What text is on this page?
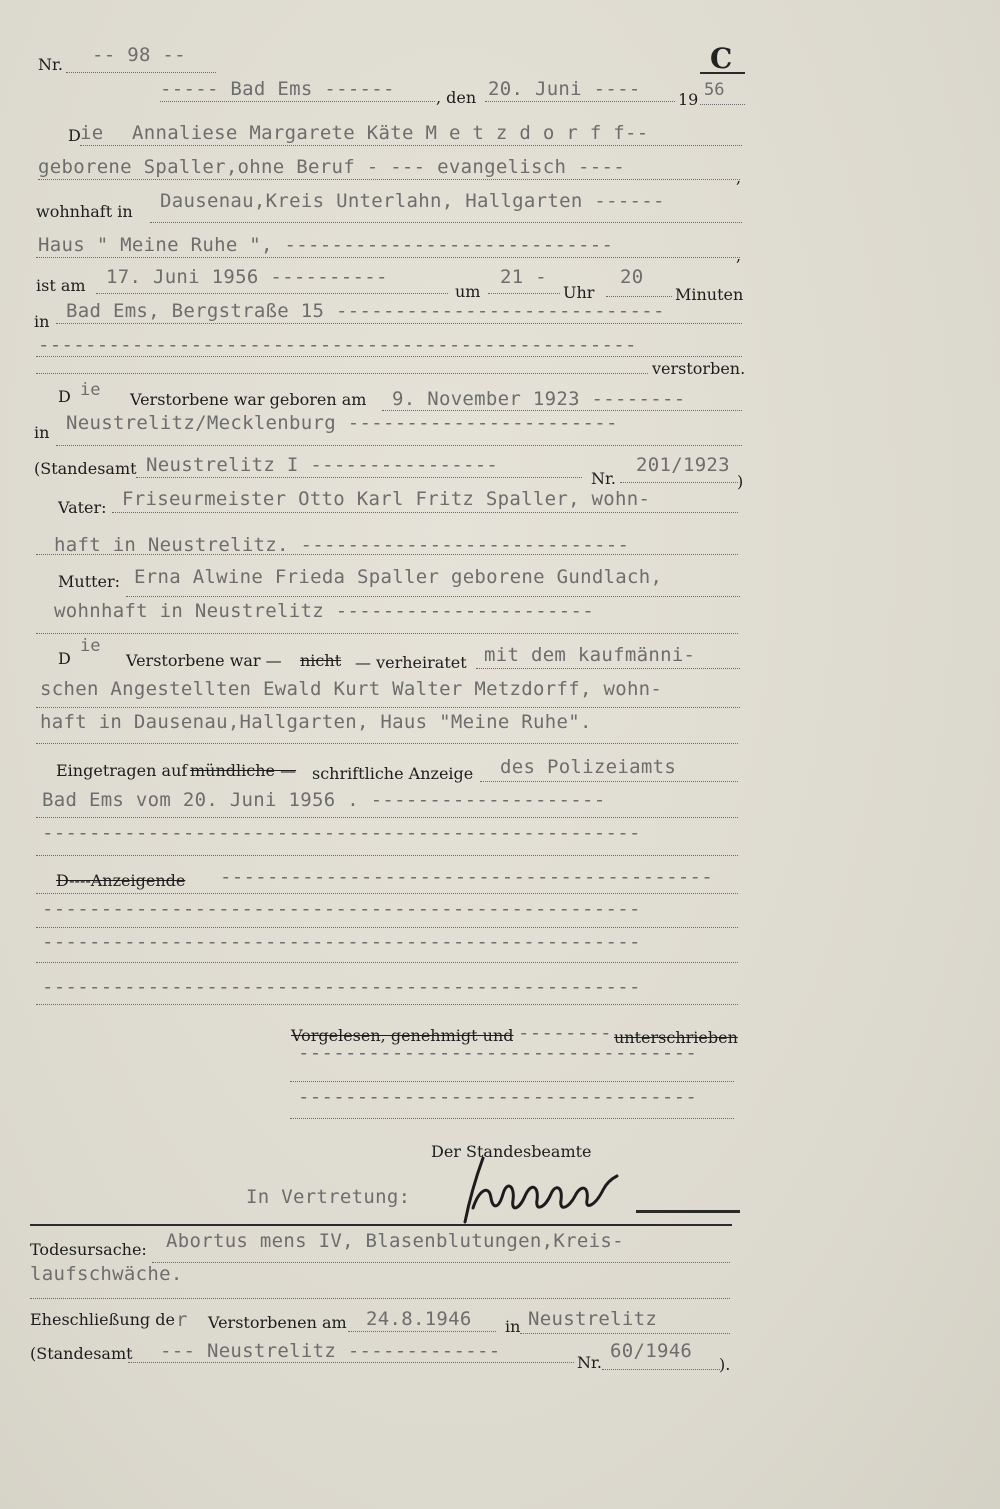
Nr. -- 98 --	C
----- Bad Ems ------	, den 20. Juni ---- 19 56
D ie Annaliese Margarete Käte M e t z d o r f f--
geborene Spaller,ohne Beruf - --- evangelisch ----	,
wohnhaft in Dausenau,Kreis Unterlahn, Hallgarten ------
Haus " Meine Ruhe ", ----------------------------	,
ist am 17. Juni 1956 ----------
um
21 -
Uhr
20
Minuten
in Bad Ems, Bergstraße 15 ----------------------------
---------------------------------------------------
verstorben.
D ie Verstorbene war geboren am 9. November 1923 --------
in Neustrelitz/Mecklenburg -----------------------
(Standesamt Neustrelitz I ----------------
Nr.
201/1923
)
Vater: Friseurmeister Otto Karl Fritz Spaller, wohn-
haft in Neustrelitz. ----------------------------
Mutter: Erna Alwine Frieda Spaller geborene Gundlach,
wohnhaft in Neustrelitz ----------------------
D
ie
Verstorbene war — nicht — verheiratet mit dem kaufmänni-
schen Angestellten Ewald Kurt Walter Metzdorff, wohn-
haft in Dausenau,Hallgarten, Haus "Meine Ruhe".
Eingetragen auf mündliche — schriftliche Anzeige des Polizeiamts
Bad Ems vom 20. Juni 1956 . --------------------
---------------------------------------------------
D----Anzeigende ------------------------------------------
---------------------------------------------------
---------------------------------------------------
---------------------------------------------------
Vorgelesen, genehmigt und -------- unterschrieben
----------------------------------
----------------------------------
Der Standesbeamte
In Vertretung:
Todesursache: Abortus mens IV, Blasenblutungen,Kreis-
laufschwäche.
Eheschließung de r Verstorbenen am 24.8.1946 in Neustrelitz
(Standesamt --- Neustrelitz -------------
Nr.
60/1946
).
